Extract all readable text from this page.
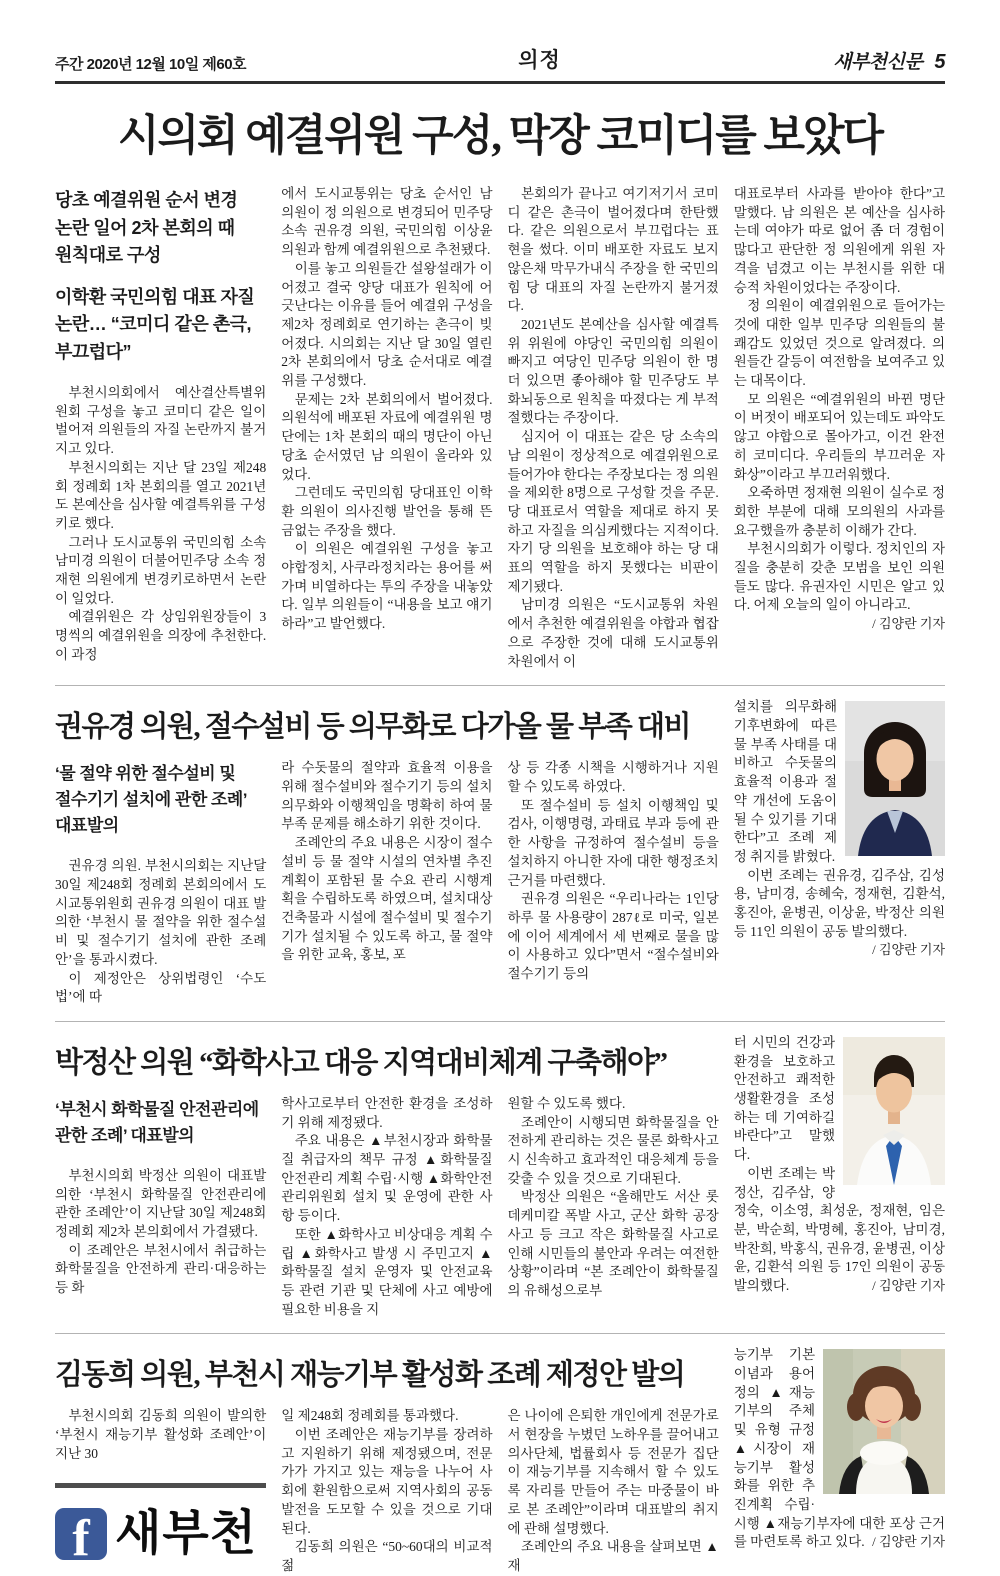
주간 2020년 12월 10일 제60호	의정	새부천신문 5
시의회 예결위원 구성, 막장 코미디를 보았다

당초 예결위원 순서 변경 논란 일어 2차 본회의 때 원칙대로 구성

이학환 국민의힘 대표 자질 논란… “코미디 같은 촌극, 부끄럽다”

부천시의회에서 예산결산특별위원회 구성을 놓고 코미디 같은 일이 벌어져 의원들의 자질 논란까지 불거지고 있다.

부천시의회는 지난 달 23일 제248회 정례회 1차 본회의를 열고 2021년도 본예산을 심사할 예결특위를 구성키로 했다.

그러나 도시교통위 국민의힘 소속 남미경 의원이 더불어민주당 소속 정재현 의원에게 변경키로하면서 논란이 일었다.

예결위원은 각 상임위원장들이 3명씩의 예결위원을 의장에 추천한다. 이 과정

에서 도시교통위는 당초 순서인 남 의원이 정 의원으로 변경되어 민주당 소속 권유경 의원, 국민의힘 이상윤 의원과 함께 예결위원으로 추천됐다.

이를 놓고 의원들간 설왕설래가 이어졌고 결국 양당 대표가 원칙에 어긋난다는 이유를 들어 예결위 구성을 제2차 정례회로 연기하는 촌극이 빚어졌다. 시의회는 지난 달 30일 열린 2차 본회의에서 당초 순서대로 예결위를 구성했다.

문제는 2차 본회의에서 벌어졌다. 의원석에 배포된 자료에 예결위원 명단에는 1차 본회의 때의 명단이 아닌 당초 순서였던 남 의원이 올라와 있었다.

그런데도 국민의힘 당대표인 이학환 의원이 의사진행 발언을 통해 뜬금없는 주장을 했다.

이 의원은 예결위원 구성을 놓고 야합정치, 사쿠라정치라는 용어를 써가며 비열하다는 투의 주장을 내놓았다. 일부 의원들이 “내용을 보고 얘기하라”고 발언했다.

본회의가 끝나고 여기저기서 코미디 같은 촌극이 벌어졌다며 한탄했다. 같은 의원으로서 부끄럽다는 표현을 썼다. 이미 배포한 자료도 보지 않은채 막무가내식 주장을 한 국민의힘 당 대표의 자질 논란까지 불거졌다.

2021년도 본예산을 심사할 예결특위 위원에 야당인 국민의힘 의원이 빠지고 여당인 민주당 의원이 한 명 더 있으면 좋아해야 할 민주당도 부화뇌동으로 원칙을 따졌다는 게 부적절했다는 주장이다.

심지어 이 대표는 같은 당 소속의 남 의원이 정상적으로 예결위원으로 들어가야 한다는 주장보다는 정 의원을 제외한 8명으로 구성할 것을 주문. 당 대표로서 역할을 제대로 하지 못하고 자질을 의심케했다는 지적이다. 자기 당 의원을 보호해야 하는 당 대표의 역할을 하지 못했다는 비판이 제기됐다.

남미경 의원은 “도시교통위 차원에서 추천한 예결위원을 야합과 협잡으로 주장한 것에 대해 도시교통위 차원에서 이

대표로부터 사과를 받아야 한다”고 말했다. 남 의원은 본 예산을 심사하는데 여야가 따로 없어 좀 더 경험이 많다고 판단한 정 의원에게 위원 자격을 넘겼고 이는 부천시를 위한 대승적 차원이었다는 주장이다.

정 의원이 예결위원으로 들어가는 것에 대한 일부 민주당 의원들의 불쾌감도 있었던 것으로 알려졌다. 의원들간 갈등이 여전함을 보여주고 있는 대목이다.

모 의원은 “예결위원의 바뀐 명단이 버젓이 배포되어 있는데도 파악도 않고 야합으로 몰아가고, 이건 완전히 코미디다. 우리들의 부끄러운 자화상”이라고 부끄러워했다.

오죽하면 정재현 의원이 실수로 정회한 부분에 대해 모의원의 사과를 요구했을까 충분히 이해가 간다.

부천시의회가 이렇다. 정치인의 자질을 충분히 갖춘 모범을 보인 의원들도 많다. 유권자인 시민은 알고 있다. 어제 오늘의 일이 아니라고.
/ 김양란 기자

권유경 의원, 절수설비 등 의무화로 다가올 물 부족 대비
‘물 절약 위한 절수설비 및 절수기기 설치에 관한 조례’ 대표발의

권유경 의원. 부천시의회는 지난달 30일 제248회 정례회 본회의에서 도시교통위원회 권유경 의원이 대표 발의한 ‘부천시 물 절약을 위한 절수설비 및 절수기기 설치에 관한 조례안’을 통과시켰다.

이 제정안은 상위법령인 ‘수도법’에 따

라 수돗물의 절약과 효율적 이용을 위해 절수설비와 절수기기 등의 설치 의무화와 이행책임을 명확히 하여 물 부족 문제를 해소하기 위한 것이다.

조례안의 주요 내용은 시장이 절수설비 등 물 절약 시설의 연차별 추진계획이 포함된 물 수요 관리 시행계획을 수립하도록 하였으며, 설치대상 건축물과 시설에 절수설비 및 절수기기가 설치될 수 있도록 하고, 물 절약을 위한 교육, 홍보, 포

상 등 각종 시책을 시행하거나 지원할 수 있도록 하였다.

또 절수설비 등 설치 이행책임 및 검사, 이행명령, 과태료 부과 등에 관한 사항을 규정하여 절수설비 등을 설치하지 아니한 자에 대한 행정조치 근거를 마련했다.

권유경 의원은 “우리나라는 1인당 하루 물 사용량이 287ℓ로 미국, 일본에 이어 세계에서 세 번째로 물을 많이 사용하고 있다”면서 “절수설비와 절수기기 등의

설치를 의무화해 기후변화에 따른 물 부족 사태를 대비하고 수돗물의 효율적 이용과 절약 개선에 도움이 될 수 있기를 기대한다”고 조례 제정 취지를 밝혔다.

이번 조례는 권유경, 김주삼, 김성용, 남미경, 송혜숙, 정재현, 김환석, 홍진아, 윤병권, 이상윤, 박정산 의원 등 11인 의원이 공동 발의했다.
/ 김양란 기자

박정산 의원 “화학사고 대응 지역대비체계 구축해야”
‘부천시 화학물질 안전관리에 관한 조례’ 대표발의

부천시의회 박정산 의원이 대표발의한 ‘부천시 화학물질 안전관리에 관한 조례안’이 지난달 30일 제248회 정례회 제2차 본의회에서 가결됐다.

이 조례안은 부천시에서 취급하는 화학물질을 안전하게 관리·대응하는 등 화

학사고로부터 안전한 환경을 조성하기 위해 제정됐다.

주요 내용은 ▲부천시장과 화학물질 취급자의 책무 규정 ▲화학물질 안전관리 계획 수립·시행 ▲화학안전관리위원회 설치 및 운영에 관한 사항 등이다.

또한 ▲화학사고 비상대응 계획 수립 ▲화학사고 발생 시 주민고지 ▲화학물질 설치 운영자 및 안전교육 등 관련 기관 및 단체에 사고 예방에 필요한 비용을 지

원할 수 있도록 했다.

조례안이 시행되면 화학물질을 안전하게 관리하는 것은 물론 화학사고 시 신속하고 효과적인 대응체계 등을 갖출 수 있을 것으로 기대된다.

박정산 의원은 “올해만도 서산 롯데케미칼 폭발 사고, 군산 화학 공장 사고 등 크고 작은 화학물질 사고로 인해 시민들의 불안과 우려는 여전한 상황”이라며 “본 조례안이 화학물질의 유해성으로부

터 시민의 건강과 환경을 보호하고 안전하고 쾌적한 생활환경을 조성하는 데 기여하길 바란다”고 말했다.

이번 조례는 박정산, 김주삼, 양정숙, 이소영, 최성운, 정재현, 임은분, 박순희, 박명혜, 홍진아, 남미경, 박찬희, 박홍식, 권유경, 윤병권, 이상윤, 김환석 의원 등 17인 의원이 공동 발의했다.	/ 김양란 기자

김동희 의원, 부천시 재능기부 활성화 조례 제정안 발의

부천시의회 김동희 의원이 발의한 ‘부천시 재능기부 활성화 조례안’이 지난 30

f 새부천

일 제248회 정례회를 통과했다.

이번 조례안은 재능기부를 장려하고 지원하기 위해 제정됐으며, 전문가가 가지고 있는 재능을 나누어 사회에 환원함으로써 지역사회의 공동발전을 도모할 수 있을 것으로 기대된다.

김동희 의원은 “50~60대의 비교적 젊

은 나이에 은퇴한 개인에게 전문가로서 현장을 누볐던 노하우를 끌어내고 의사단체, 법률회사 등 전문가 집단이 재능기부를 지속해서 할 수 있도록 자리를 만들어 주는 마중물이 바로 본 조례안”이라며 대표발의 취지에 관해 설명했다.

조례안의 주요 내용을 살펴보면 ▲재

능기부 기본이념과 용어 정의 ▲재능기부의 주체 및 유형 규정 ▲시장이 재능기부 활성화를 위한 추진계획 수립·시행 ▲재능기부자에 대한 포상 근거를 마련토록 하고 있다. / 김양란 기자
